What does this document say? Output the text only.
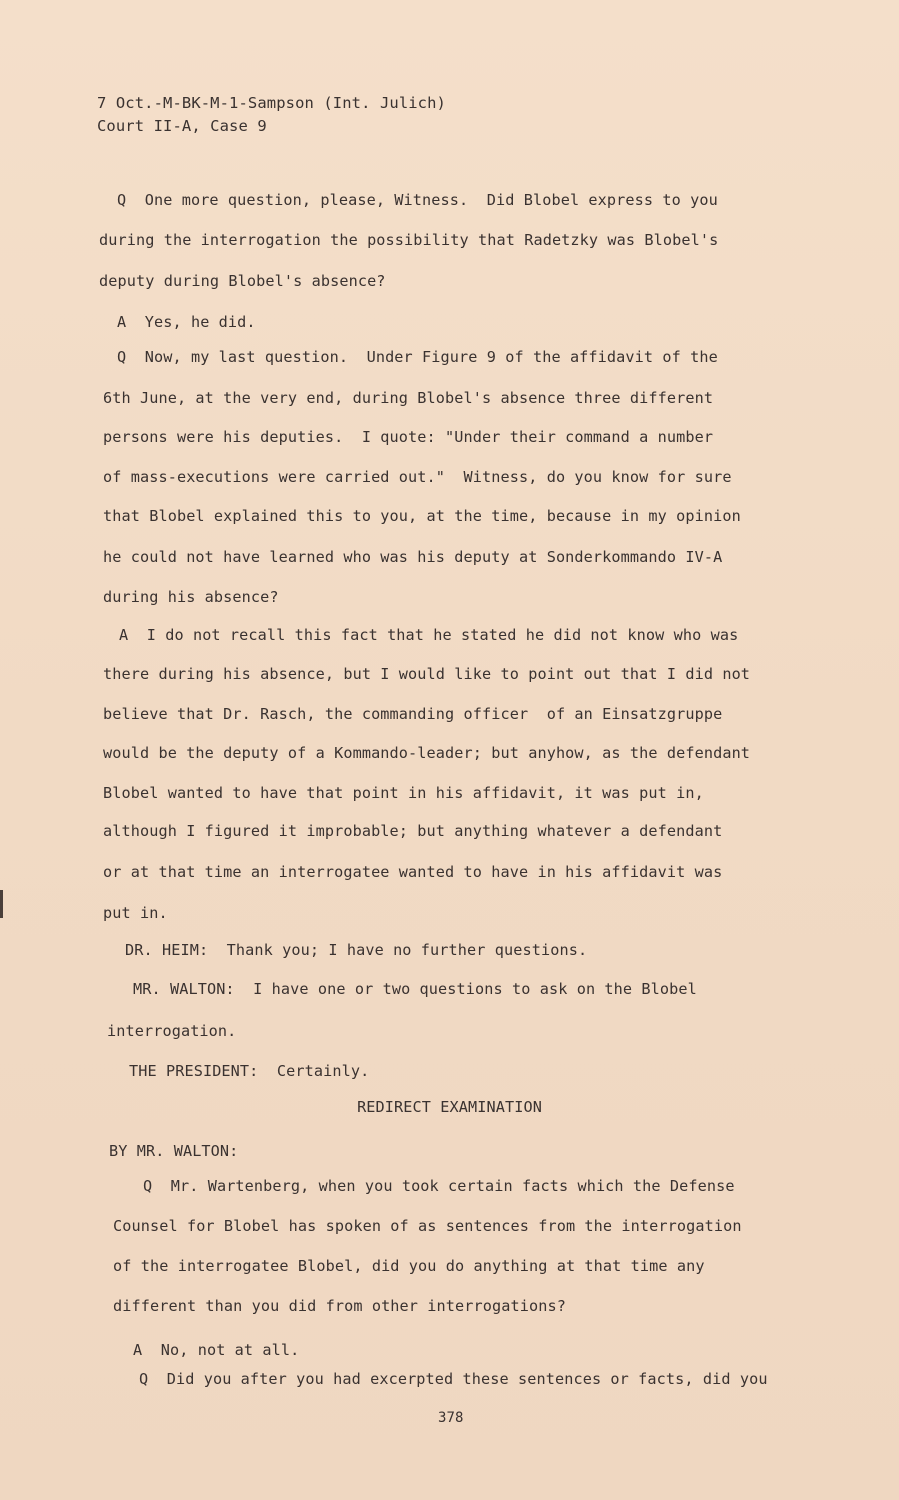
7 Oct.-M-BK-M-1-Sampson (Int. Julich)
Court II-A, Case 9
Q  One more question, please, Witness.  Did Blobel express to you
during the interrogation the possibility that Radetzky was Blobel's
deputy during Blobel's absence?
A  Yes, he did.
Q  Now, my last question.  Under Figure 9 of the affidavit of the
6th June, at the very end, during Blobel's absence three different
persons were his deputies.  I quote: "Under their command a number
of mass-executions were carried out."  Witness, do you know for sure
that Blobel explained this to you, at the time, because in my opinion
he could not have learned who was his deputy at Sonderkommando IV-A
during his absence?
A  I do not recall this fact that he stated he did not know who was
there during his absence, but I would like to point out that I did not
believe that Dr. Rasch, the commanding officer  of an Einsatzgruppe
would be the deputy of a Kommando-leader; but anyhow, as the defendant
Blobel wanted to have that point in his affidavit, it was put in,
although I figured it improbable; but anything whatever a defendant
or at that time an interrogatee wanted to have in his affidavit was
put in.
DR. HEIM:  Thank you; I have no further questions.
MR. WALTON:  I have one or two questions to ask on the Blobel
interrogation.
THE PRESIDENT:  Certainly.
REDIRECT EXAMINATION
BY MR. WALTON:
Q  Mr. Wartenberg, when you took certain facts which the Defense
Counsel for Blobel has spoken of as sentences from the interrogation
of the interrogatee Blobel, did you do anything at that time any
different than you did from other interrogations?
A  No, not at all.
Q  Did you after you had excerpted these sentences or facts, did you
378
